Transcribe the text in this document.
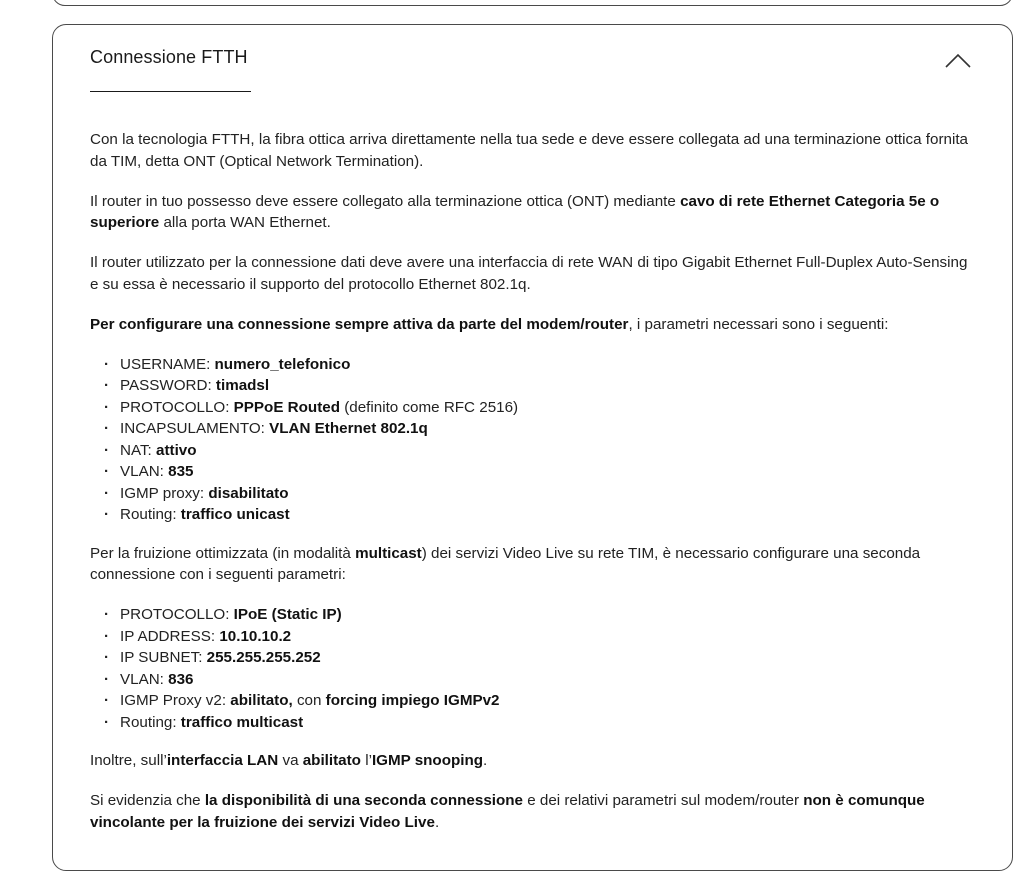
Connessione FTTH

Con la tecnologia FTTH, la fibra ottica arriva direttamente nella tua sede e deve essere collegata ad una terminazione ottica fornita da TIM, detta ONT (Optical Network Termination).

Il router in tuo possesso deve essere collegato alla terminazione ottica (ONT) mediante cavo di rete Ethernet Categoria 5e o superiore alla porta WAN Ethernet.

Il router utilizzato per la connessione dati deve avere una interfaccia di rete WAN di tipo Gigabit Ethernet Full-Duplex Auto-Sensing e su essa è necessario il supporto del protocollo Ethernet 802.1q.

Per configurare una connessione sempre attiva da parte del modem/router, i parametri necessari sono i seguenti:

· USERNAME: numero_telefonico
· PASSWORD: timadsl
· PROTOCOLLO: PPPoE Routed (definito come RFC 2516)
· INCAPSULAMENTO: VLAN Ethernet 802.1q
· NAT: attivo
· VLAN: 835
· IGMP proxy: disabilitato
· Routing: traffico unicast

Per la fruizione ottimizzata (in modalità multicast) dei servizi Video Live su rete TIM, è necessario configurare una seconda connessione con i seguenti parametri:

· PROTOCOLLO: IPoE (Static IP)
· IP ADDRESS: 10.10.10.2
· IP SUBNET: 255.255.255.252
· VLAN: 836
· IGMP Proxy v2: abilitato, con forcing impiego IGMPv2
· Routing: traffico multicast

Inoltre, sull’interfaccia LAN va abilitato l’IGMP snooping.

Si evidenzia che la disponibilità di una seconda connessione e dei relativi parametri sul modem/router non è comunque vincolante per la fruizione dei servizi Video Live.
